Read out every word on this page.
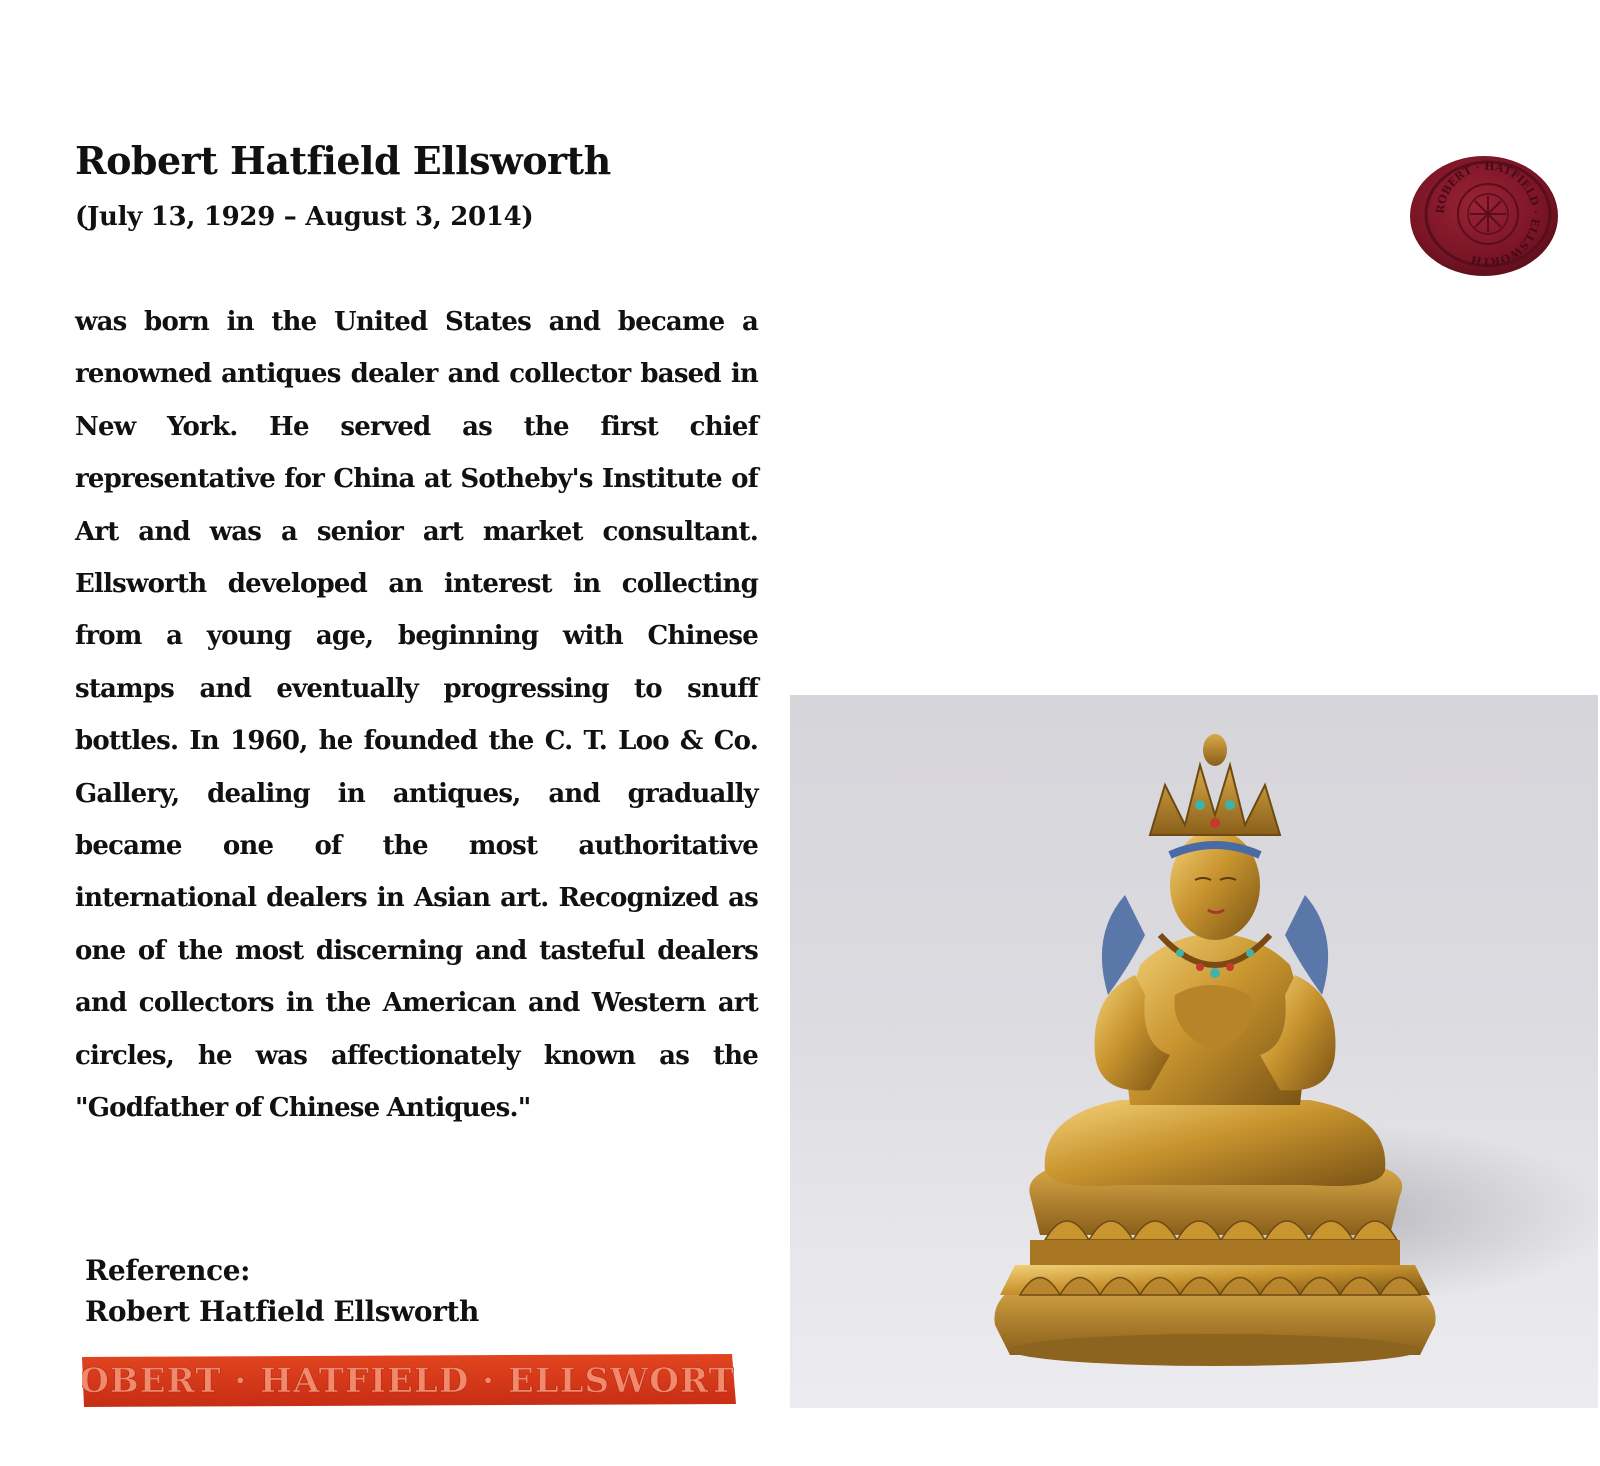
Robert Hatfield Ellsworth

(July 13, 1929 – August 3, 2014)

was born in the United States and became a renowned antiques dealer and collector based in New York. He served as the first chief representative for China at Sotheby's Institute of Art and was a senior art market consultant. Ellsworth developed an interest in collecting from a young age, beginning with Chinese stamps and eventually progressing to snuff bottles. In 1960, he founded the C. T. Loo & Co. Gallery, dealing in antiques, and gradually became one of the most authoritative international dealers in Asian art. Recognized as one of the most discerning and tasteful dealers and collectors in the American and Western art circles, he was affectionately known as the "Godfather of Chinese Antiques."

Reference:

Robert Hatfield Ellsworth

ROBERT · HATFIELD · ELLSWORTH
ROBERT · HATFIELD · ELLSWORTH
